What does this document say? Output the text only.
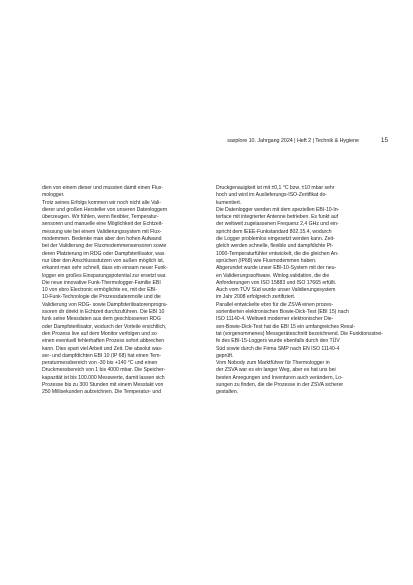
saxplore 10. Jahrgang 2024 | Heft 2 | Technik & Hygiene	15
dien von einem dieser und mussten damit einen Flux-
mologger.
Trotz seines Erfolgs kommen wir noch nicht alle Vali-
dierer und großen Hersteller von unseren Datenloggern
überzeugen. Wir fühlen, wenn flexibler, Temperatur-
sensoren und manuelle eine Möglichkeit der Echtzeit-
messung wie bei einem Validierungssystem mit Flux-
modemmen. Bedenke man aber den hohen Aufwand
bei der Validierung der Fluxmodemmensensoren sowie
deren Platzierung im RDG oder Dampfsterilisator, was
nur über den Anschlussstutzen von außen möglich ist,
erkannt man sehr schnell, dass ein einsam neuer Funk-
logger ein großes Einsparungspotential zur ersetzt war.
Die neue innovative Funk-Thermologger-Familie EBI
10 von ebro Electronic ermöglichte es, mit der EBI-
10-Funk-Technologie die Prozessdatenmolle und die
Validierung von RDG- sowie Dampfsterilisatorenprogra-
ssoren dir direkt in Echtzeit durchzuführen. Die EBI 10
funk seine Messdaten aus dem geschlossenen RDG
oder Dampfsterilisator, wodurch der Vorteile ersichtlich,
den Prozess live auf dem Monitor verfolgen und so
einen eventuell fehlerhaften Prozess sofort abbrechen
kann. Dies spart viel Arbeit und Zeit. Die absolut was-
ser- und dampfdichten EBI 10 (IP 68) hat einen Tem-
peraturmessbereich von -30 bis +140 °C und einen
Druckmessbereich von 1 bis 4000 mbar. Die Speicher-
kapazität ist bis 100.000 Messwerte, damit lassen sich
Prozesse bis zu 300 Stunden mit einem Messtakt von
250 Millisekunden aufzeichnen. Die Temperatur- und
Druckgenauigkeit ist mit ±0,1 °C bzw. ±10 mbar sehr
hoch und wird im Auslieferungs-ISO-Zertifikat do-
kumentiert.
Die Datenlogger werden mit dem speziellen EBI-10-In-
terface mit integrierter Antenne betrieben. Es funkt auf
der weltweit zugelassenen Frequenz 2,4 GHz und ein-
spricht dem IEEE-Funkstandard 802.15.4, wodurch
die Logger problemlos eingesetzt werden kann. Zeit-
gleich werden schnelle, flexible und dampfdichte Pt-
1000-Temperaturfühler entwickelt, die die gleichen An-
sprüchen (IP68) wie Fluxmodemmen haben.
Abgerundet wurde unser EBI-10-System mit der neu-
en Validierungssoftware. Winlog.validation, die die
Anforderungen von ISO 15883 und ISO 17665 erfüllt.
Auch vom TÜV Süd wurde unser Validierungssystem
im Jahr 2008 erfolgreich zertifiziert.
Parallel entwickelte ebro für die ZSVA einen prozes-
sorientierten elektronischen Bowie-Dick-Test (EBI 15) nach
ISO 11140-4. Weltweit moderner elektronischer Die-
sen-Bowie-Dick-Test hat die EBI 15 ein umfangreiches Resul-
tat (vorgenommenes) Messgeräteschnitt bezeichnend. Die Funktionsstrei-
fe des EBI-15-Loggers wurde ebenfalls durch den TÜV
Süd sowie durch die Firma SMP nach EN ISO 11140-4
geprüft.
Vom Nobody zum Marktführer für Thermologger in
der ZSVA war es ein langer Weg, aber es hat uns bei
besten Anregungen und Inventuren auch verändern, Lo-
sungen zu finden, die die Prozesse in der ZSVA sicherer
gestalten.
